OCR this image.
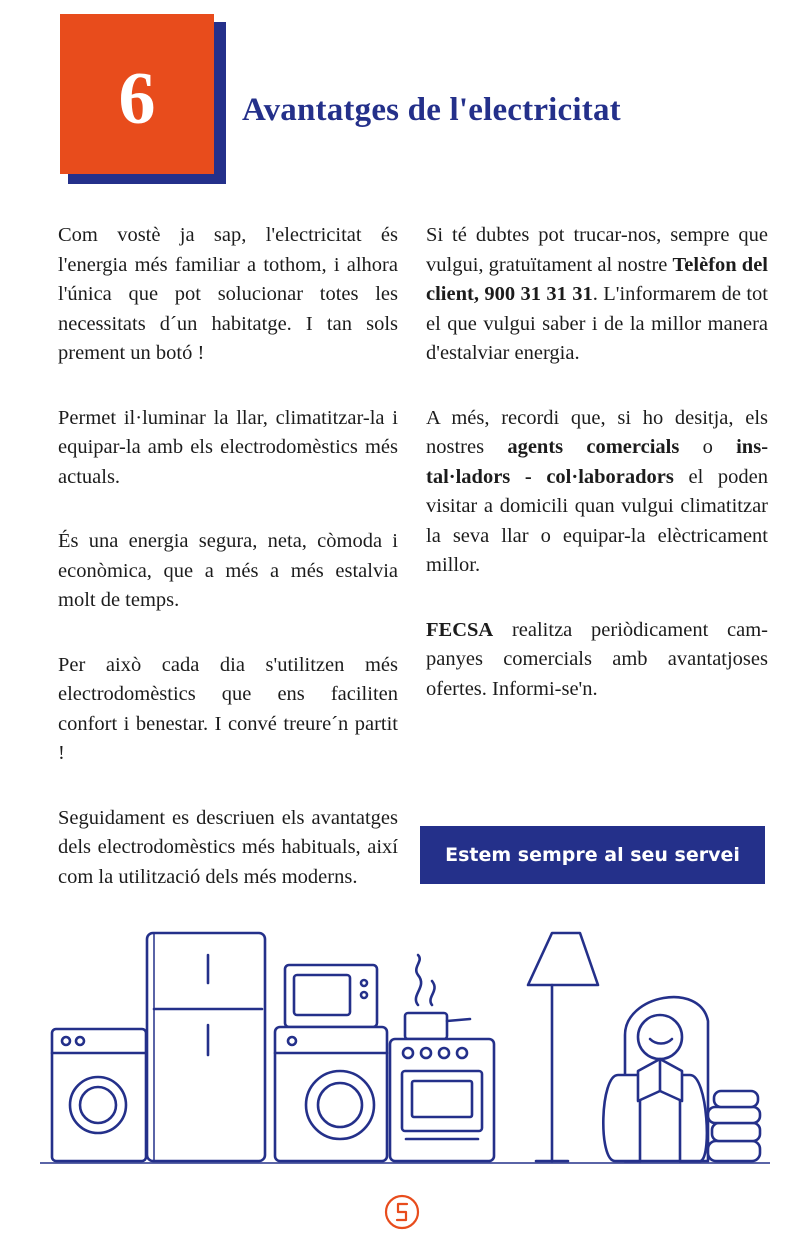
6	Avantatges de l'electricitat

Com vostè ja sap, l'electricitat és l'energia més familiar a tothom, i alhora l'única que pot solucionar totes les necessitats d´un habitatge. I tan sols prement un botó !

Permet il·luminar la llar, climatitzar-la i equipar-la amb els electrodomèstics més actuals.

És una energia segura, neta, còmoda i econòmica, que a més a més estalvia molt de temps.

Per això cada dia s'utilitzen més electrodomèstics que ens faciliten confort i benestar. I convé treure´n partit !

Seguidament es descriuen els avantatges dels electrodomèstics més habituals, així com la utilització dels més moderns.

Si té dubtes pot trucar-nos, sempre que vulgui, gratuïtament al nostre Telèfon del client, 900 31 31 31. L'informarem de tot el que vulgui saber i de la millor manera d'estalviar energia.

A més, recordi que, si ho desitja, els nostres agents comercials o instal·ladors - col·laboradors el poden visitar a domicili quan vulgui climatitzar la seva llar o equipar-la elèctricament millor.

FECSA realitza periòdicament campanyes comercials amb avantatjoses ofertes. Informi-se'n.

Estem sempre al seu servei
